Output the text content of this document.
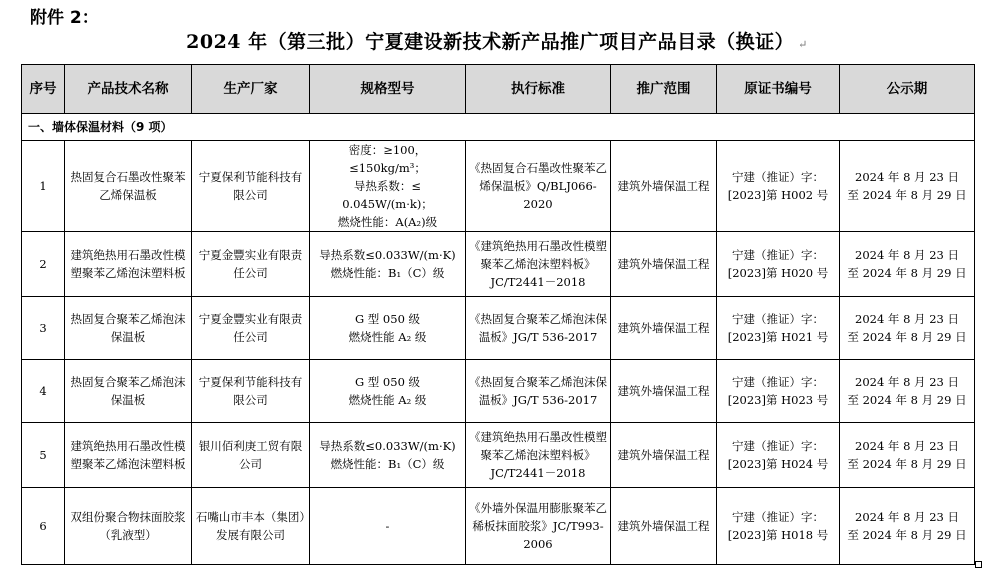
附件 2：
2024 年（第三批）宁夏建设新技术新产品推广项目产品目录（换证） ↵
序号	产品技术名称	生产厂家	规格型号	执行标准	推广范围	原证书编号	公示期
一、墙体保温材料（9 项）							
1	热固复合石墨改性聚苯乙烯保温板	宁夏保利节能科技有限公司	密度：≥100，≤150kg/m³；
导热系数：≤
0.045W/(m·k)；
燃烧性能：A(A₂)级	《热固复合石墨改性聚苯乙烯保温板》Q/BLJ066-2020	建筑外墙保温工程	宁建（推证）字：
[2023]第 H002 号	2024 年 8 月 23 日
至 2024 年 8 月 29 日

2	建筑绝热用石墨改性模塑聚苯乙烯泡沫塑料板	宁夏金豐实业有限责任公司	导热系数≤0.033W/(m·K)
燃烧性能：B₁（C）级	《建筑绝热用石墨改性模塑聚苯乙烯泡沫塑料板》JC/T2441－2018	建筑外墙保温工程	宁建（推证）字：
[2023]第 H020 号	2024 年 8 月 23 日
至 2024 年 8 月 29 日

3	热固复合聚苯乙烯泡沫保温板	宁夏金豐实业有限责任公司	G 型 050 级
燃烧性能 A₂ 级	《热固复合聚苯乙烯泡沫保温板》JG/T 536-2017	建筑外墙保温工程	宁建（推证）字：
[2023]第 H021 号	2024 年 8 月 23 日
至 2024 年 8 月 29 日

4	热固复合聚苯乙烯泡沫保温板	宁夏保利节能科技有限公司	G 型 050 级
燃烧性能 A₂ 级	《热固复合聚苯乙烯泡沫保温板》JG/T 536-2017	建筑外墙保温工程	宁建（推证）字：
[2023]第 H023 号	2024 年 8 月 23 日
至 2024 年 8 月 29 日

5	建筑绝热用石墨改性模塑聚苯乙烯泡沫塑料板	银川佰利庚工贸有限公司	导热系数≤0.033W/(m·K)
燃烧性能：B₁（C）级	《建筑绝热用石墨改性模塑聚苯乙烯泡沫塑料板》JC/T2441－2018	建筑外墙保温工程	宁建（推证）字：
[2023]第 H024 号	2024 年 8 月 23 日
至 2024 年 8 月 29 日

6	双组份聚合物抹面胶浆（乳液型）	石嘴山市丰本（集团）发展有限公司	-	《外墙外保温用膨胀聚苯乙稀板抹面胶浆》JC/T993-2006	建筑外墙保温工程	宁建（推证）字：
[2023]第 H018 号	2024 年 8 月 23 日
至 2024 年 8 月 29 日
